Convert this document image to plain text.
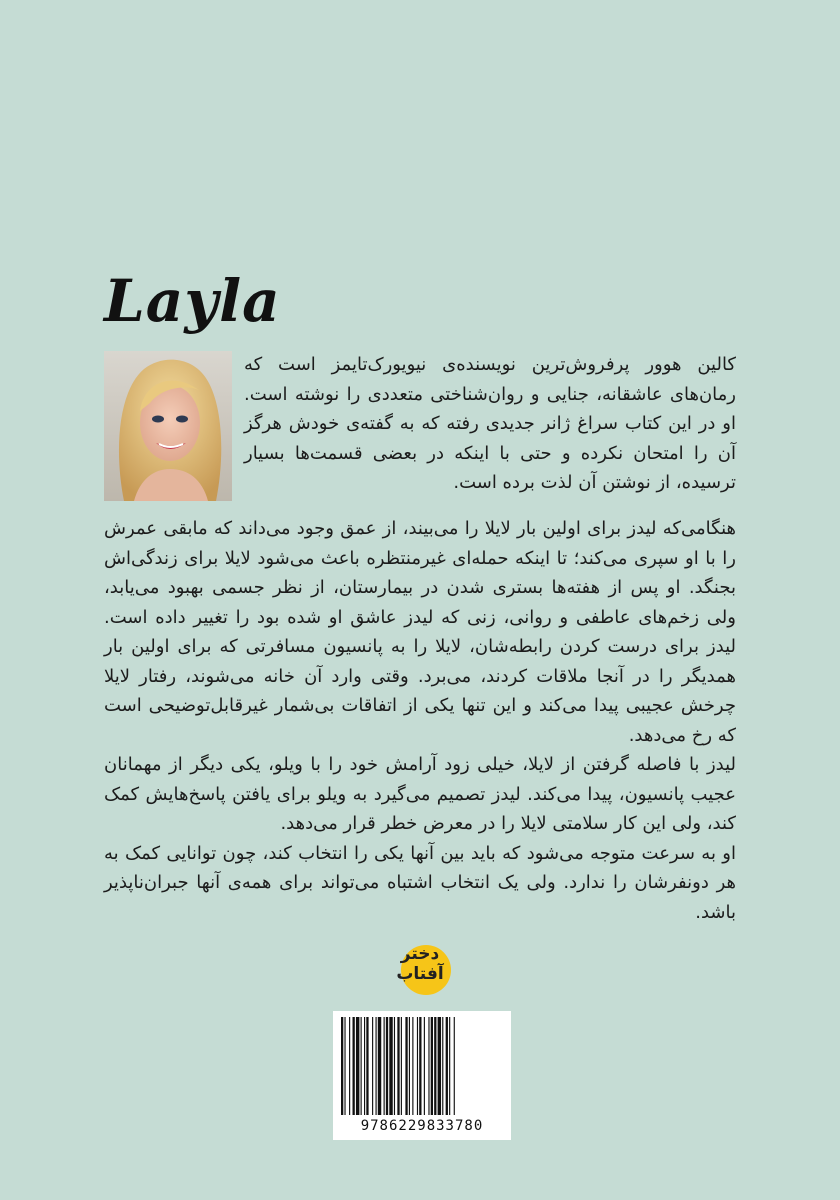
Layla

کالین هوور پرفروش‌ترین نویسنده‌ی نیویورک‌تایمز است که رمان‌های عاشقانه، جنایی و روان‌شناختی متعددی را نوشته است. او در این کتاب سراغ ژانر جدیدی رفته که به گفته‌ی خودش هرگز آن را امتحان نکرده و حتی با اینکه در بعضی قسمت‌ها بسیار ترسیده، از نوشتن آن لذت برده است.

هنگامی‌که لیدز برای اولین بار لایلا را می‌بیند، از عمق وجود می‌داند که مابقی عمرش را با او سپری می‌کند؛ تا اینکه حمله‌ای غیرمنتظره باعث می‌شود لایلا برای زندگی‌اش بجنگد. او پس از هفته‌ها بستری شدن در بیمارستان، از نظر جسمی بهبود می‌یابد، ولی زخم‌های عاطفی و روانی، زنی که لیدز عاشق او شده بود را تغییر داده است. لیدز برای درست کردن رابطه‌شان، لایلا را به پانسیون مسافرتی که برای اولین بار همدیگر را در آنجا ملاقات کردند، می‌برد. وقتی وارد آن خانه می‌شوند، رفتار لایلا چرخش عجیبی پیدا می‌کند و این تنها یکی از اتفاقات بی‌شمار غیرقابل‌توضیحی است که رخ می‌دهد.

لیدز با فاصله گرفتن از لایلا، خیلی زود آرامش خود را با ویلو، یکی دیگر از مهمانان عجیب پانسیون، پیدا می‌کند. لیدز تصمیم می‌گیرد به ویلو برای یافتن پاسخ‌هایش کمک کند، ولی این کار سلامتی لایلا را در معرض خطر قرار می‌دهد.

او به سرعت متوجه می‌شود که باید بین آنها یکی را انتخاب کند، چون توانایی کمک به هر دونفرشان را ندارد. ولی یک انتخاب اشتباه می‌تواند برای همه‌ی آنها جبران‌ناپذیر باشد.

دختر
آفتاب
9786229833780
